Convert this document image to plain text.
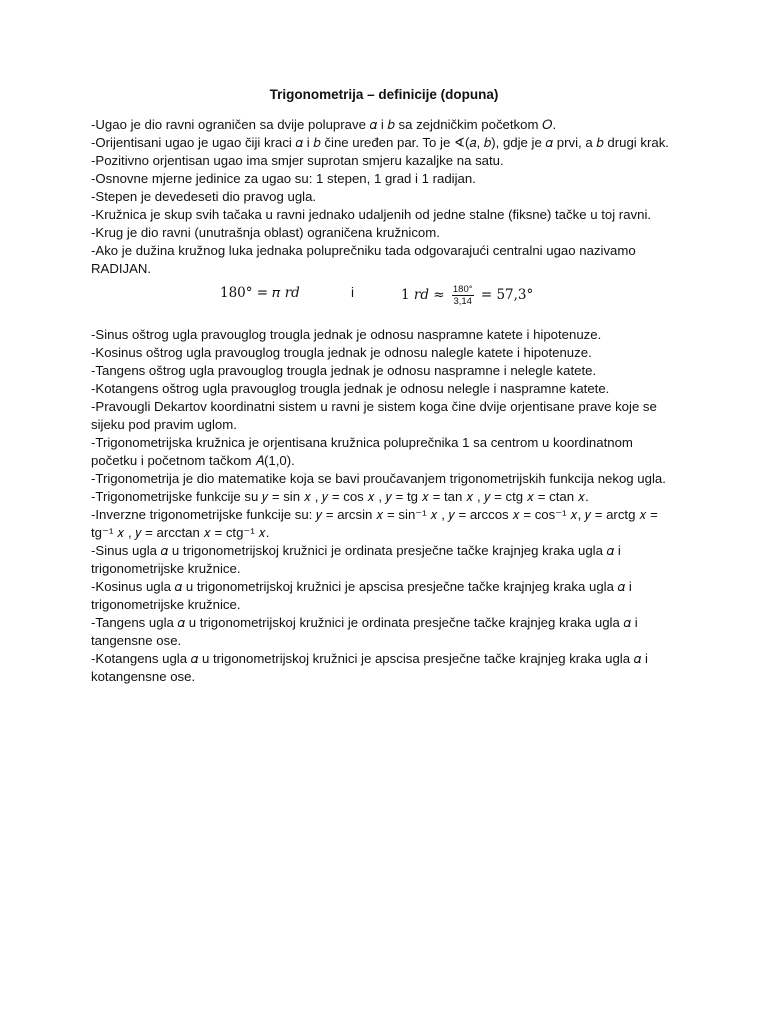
Trigonometrija – definicije (dopuna)

-Ugao je dio ravni ograničen sa dvije poluprave 𝛼 i 𝑏 sa zejdničkim početkom 𝑂.

-Orijentisani ugao je ugao čiji kraci 𝛼 i 𝑏 čine uređen par. To je ∢(𝑎, 𝑏), gdje je 𝛼 prvi, a 𝑏 drugi krak.

-Pozitivno orjentisan ugao ima smjer suprotan smjeru kazaljke na satu.

-Osnovne mjerne jedinice za ugao su: 1 stepen, 1 grad i 1 radijan.

-Stepen je devedeseti dio pravog ugla.

-Kružnica je skup svih tačaka u ravni jednako udaljenih od jedne stalne (fiksne) tačke u toj ravni.

-Krug je dio ravni (unutrašnja oblast) ograničena kružnicom.

-Ako je dužina kružnog luka jednaka poluprečniku tada odgovarajući centralni ugao nazivamo RADIJAN.

180° = 𝜋 𝑟𝑑	i	1 𝑟𝑑 ≈ $\frac{180^\circ}{3,14} = 57,3^\circ$

-Sinus oštrog ugla pravouglog trougla jednak je odnosu naspramne katete i hipotenuze.

-Kosinus oštrog ugla pravouglog trougla jednak je odnosu nalegle katete i hipotenuze.

-Tangens oštrog ugla pravouglog trougla jednak je odnosu naspramne i nelegle katete.

-Kotangens oštrog ugla pravouglog trougla jednak je odnosu nelegle i naspramne katete.

-Pravougli Dekartov koordinatni sistem u ravni je sistem koga čine dvije orjentisane prave koje se sijeku pod pravim uglom.

-Trigonometrijska kružnica je orjentisana kružnica poluprečnika 1 sa centrom u koordinatnom početku i početnom tačkom 𝐴(1,0).

-Trigonometrija je dio matematike koja se bavi proučavanjem trigonometrijskih funkcija nekog ugla.

-Trigonometrijske funkcije su 𝑦 = sin 𝑥 , 𝑦 = cos 𝑥 , 𝑦 = tg 𝑥 = tan 𝑥 , 𝑦 = ctg 𝑥 = ctan 𝑥.

-Inverzne trigonometrijske funkcije su: 𝑦 = arcsin 𝑥 = sin⁻¹ 𝑥 , 𝑦 = arccos 𝑥 = cos⁻¹ 𝑥, 𝑦 = arctg 𝑥 = tg⁻¹ 𝑥 , 𝑦 = arcctan 𝑥 = ctg⁻¹ 𝑥.

-Sinus ugla 𝛼 u trigonometrijskoj kružnici je ordinata presječne tačke krajnjeg kraka ugla 𝛼 i trigonometrijske kružnice.

-Kosinus ugla 𝛼 u trigonometrijskoj kružnici je apscisa presječne tačke krajnjeg kraka ugla 𝛼 i trigonometrijske kružnice.

-Tangens ugla 𝛼 u trigonometrijskoj kružnici je ordinata presječne tačke krajnjeg kraka ugla 𝛼 i tangensne ose.

-Kotangens ugla 𝛼 u trigonometrijskoj kružnici je apscisa presječne tačke krajnjeg kraka ugla 𝛼 i kotangensne ose.
